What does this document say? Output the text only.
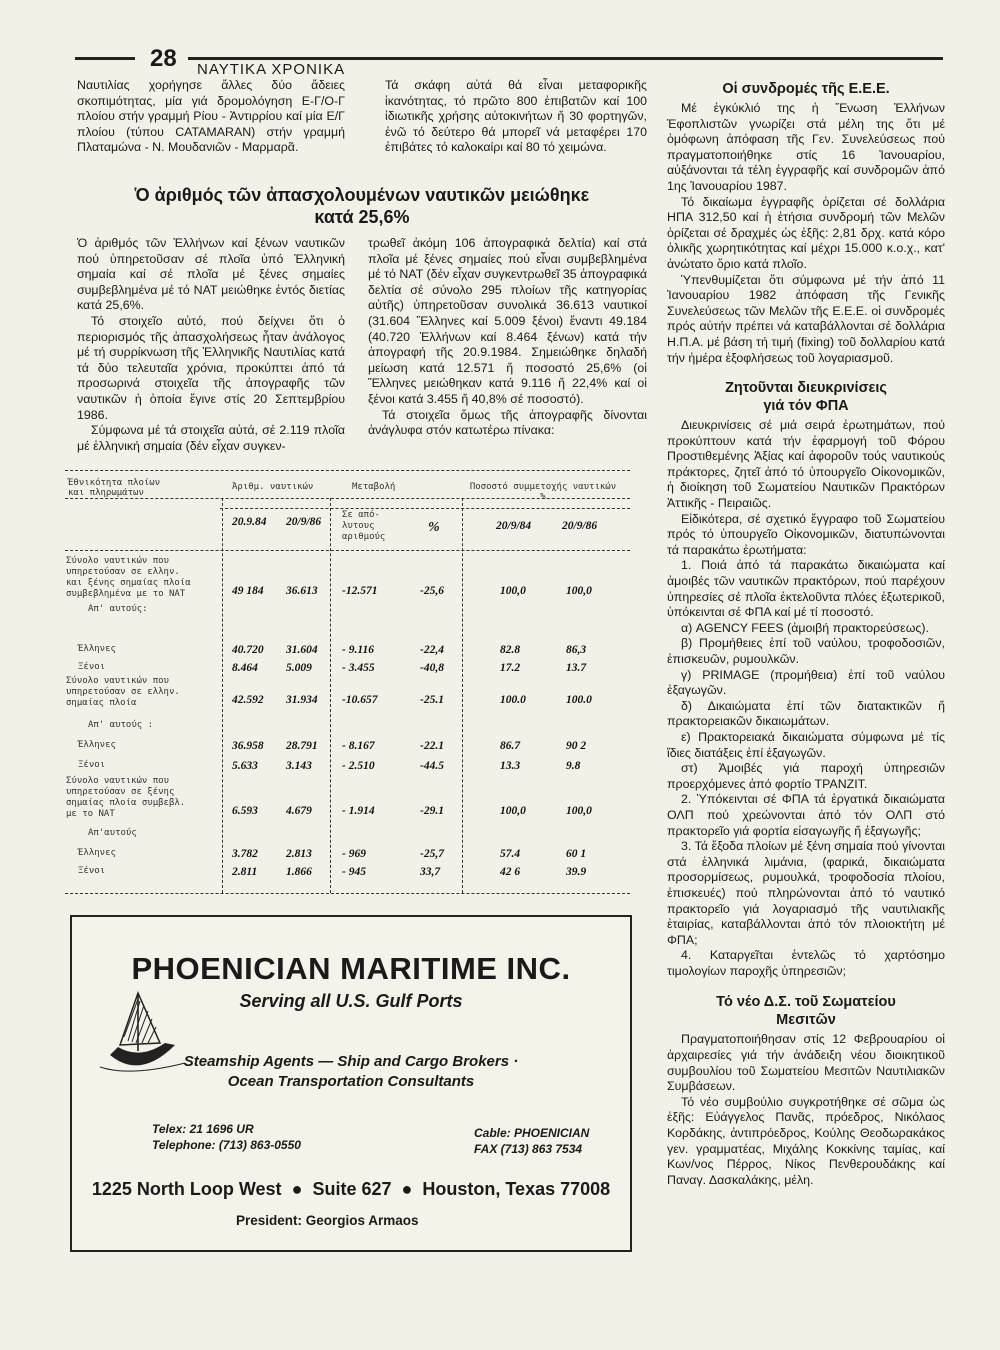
28 ΝΑΥΤΙΚΑ ΧΡΟΝΙΚΑ

Ναυτιλίας χορήγησε ἄλλες δύο ἄδειες σκοπιμότητας, μία γιά δρομολόγηση Ε-Γ/Ο-Γ πλοίου στήν γραμμή Ρίου - Ἀντιρρίου καί μία Ε/Γ πλοίου (τύπου CATAMARAN) στήν γραμμή Πλαταμώνα - Ν. Μουδανιῶν - Μαρμαρᾶ.

Τά σκάφη αὐτά θά εἶναι μεταφορικῆς ἱκανότητας, τό πρῶτο 800 ἐπιβατῶν καί 100 ἰδιωτικῆς χρήσης αὐτοκινήτων ἤ 30 φορτηγῶν, ἐνῶ τό δεύτερο θά μπορεῖ νά μεταφέρει 170 ἐπιβάτες τό καλοκαίρι καί 80 τό χειμώνα.

Ὁ ἀριθμός τῶν ἀπασχολουμένων ναυτικῶν μειώθηκε
κατά 25,6%

Ὁ ἀριθμός τῶν Ἑλλήνων καί ξένων ναυτικῶν πού ὑπηρετοῦσαν σέ πλοῖα ὑπό Ἑλληνική σημαία καί σέ πλοῖα μέ ξένες σημαίες συμβεβλημένα μέ τό ΝΑΤ μειώθηκε ἐντός διετίας κατά 25,6%.

Τό στοιχεῖο αὐτό, πού δείχνει ὅτι ὁ περιορισμός τῆς ἀπασχολήσεως ἦταν ἀνάλογος μέ τή συρρίκνωση τῆς Ἑλληνικῆς Ναυτιλίας κατά τά δύο τελευταῖα χρόνια, προκύπτει ἀπό τά προσωρινά στοιχεῖα τῆς ἀπογραφῆς τῶν ναυτικῶν ἡ ὁποία ἔγινε στίς 20 Σεπτεμβρίου 1986.

Σύμφωνα μέ τά στοιχεῖα αὐτά, σέ 2.119 πλοῖα μέ ἑλληνική σημαία (δέν εἶχαν συγκεν-

τρωθεῖ ἀκόμη 106 ἀπογραφικά δελτία) καί στά πλοῖα μέ ξένες σημαίες πού εἶναι συμβεβλημένα μέ τό ΝΑΤ (δέν εἶχαν συγκεντρωθεῖ 35 ἀπογραφικά δελτία σέ σύνολο 295 πλοίων τῆς κατηγορίας αὐτῆς) ὑπηρετοῦσαν συνολικά 36.613 ναυτικοί (31.604 Ἕλληνες καί 5.009 ξένοι) ἔναντι 49.184 (40.720 Ἑλλήνων καί 8.464 ξένων) κατά τήν ἀπογραφή τῆς 20.9.1984. Σημειώθηκε δηλαδή μείωση κατά 12.571 ἤ ποσοστό 25,6% (οἱ Ἕλληνες μειώθηκαν κατά 9.116 ἤ 22,4% καί οἱ ξένοι κατά 3.455 ἤ 40,8% σέ ποσοστό).

Τά στοιχεῖα ὅμως τῆς ἀπογραφῆς δίνονται ἀνάγλυφα στόν κατωτέρω πίνακα:

Ἐθνικότητα πλοίων
και πληρωμάτων
Ἀριθμ. ναυτικών	Μεταβολή	Ποσοστό συμμετοχής ναυτικών %
20.9.84 20/9/86
Σε από-
λυτους
αριθμούς
%	20/9/84	20/9/86
Σύνολο ναυτικών που
υπηρετούσαν σε ελλην.
και ξένης σημαίας πλοία
συμβεβλημένα με το ΝΑΤ	49 184 36.613 -12.571	-25,6	100,0	100,0
Απ' αυτούς:
Έλληνες	40.720 31.604 - 9.116	-22,4	82.8	86,3
Ξένοι	8.464 5.009	- 3.455	-40,8	17.2	13.7
Σύνολο ναυτικών που
υπηρετούσαν σε ελλην.
σημαίας πλοία	42.592 31.934 -10.657	-25.1	100.0	100.0
Απ' αυτούς :
Έλληνες	36.958 28.791 - 8.167	-22.1	86.7	90 2
Ξένοι	5.633 3.143	- 2.510	-44.5	13.3	9.8
Σύνολο ναυτικών που
υπηρετούσαν σε ξένης
σημαίας πλοία συμβεβλ.
με το ΝΑΤ	6.593 4.679	- 1.914	-29.1	100,0	100,0
Απ'αυτούς
Έλληνες	3.782 2.813	- 969	-25,7	57.4	60 1
Ξένοι	2.811	1.866	- 945	33,7	42 6	39.9
PHOENICIAN MARITIME INC.
Serving all U.S. Gulf Ports
Steamship Agents — Ship and Cargo Brokers ·
Ocean Transportation Consultants
Telex: 21 1696 UR
Telephone: (713) 863-0550
Cable: PHOENICIAN
FAX (713) 863 7534
1225 North Loop West  ●  Suite 627  ●  Houston, Texas 77008
President: Georgios Armaos
Οἱ συνδρομές τῆς Ε.Ε.Ε.

Μέ ἐγκύκλιό της ἡ Ἕνωση Ἑλλήνων Ἐφοπλιστῶν γνωρίζει στά μέλη της ὅτι μέ ὁμόφωνη ἀπόφαση τῆς Γεν. Συνελεύσεως πού πραγματοποιήθηκε στίς 16 Ἰανουαρίου, αὐξάνονται τά τέλη ἐγγραφῆς καί συνδρομῶν ἀπό 1ης Ἰανουαρίου 1987.

Τό δικαίωμα ἐγγραφῆς ὁρίζεται σέ δολλάρια ΗΠΑ 312,50 καί ἡ ἐτήσια συνδρομή τῶν Μελῶν ὁρίζεται σέ δραχμές ὡς ἑξῆς: 2,81 δρχ. κατά κόρο ὁλικῆς χωρητικότητας καί μέχρι 15.000 κ.ο.χ., κατ' ἀνώτατο ὅριο κατά πλοῖο.

Ὑπενθυμίζεται ὅτι σύμφωνα μέ τήν ἀπό 11 Ἰανουαρίου 1982 ἀπόφαση τῆς Γενικῆς Συνελεύσεως τῶν Μελῶν τῆς Ε.Ε.Ε. οἱ συνδρομές πρός αὐτήν πρέπει νά καταβάλλονται σέ δολλάρια Η.Π.Α. μέ βάση τή τιμή (fixing) τοῦ δολλαρίου κατά τήν ἡμέρα ἐξοφλήσεως τοῦ λογαριασμοῦ.

Ζητοῦνται διευκρινίσεις
γιά τόν ΦΠΑ

Διευκρινίσεις σέ μιά σειρά ἐρωτημάτων, πού προκύπτουν κατά τήν ἐφαρμογή τοῦ Φόρου Προστιθεμένης Ἀξίας καί ἀφοροῦν τούς ναυτικούς πράκτορες, ζητεῖ ἀπό τό ὑπουργεῖο Οἰκονομικῶν, ἡ διοίκηση τοῦ Σωματείου Ναυτικῶν Πρακτόρων Ἀττικῆς - Πειραιῶς.

Εἰδικότερα, σέ σχετικό ἔγγραφο τοῦ Σωματείου πρός τό ὑπουργεῖο Οἰκονομικῶν, διατυπώνονται τά παρακάτω ἐρωτήματα:

1. Ποιά ἀπό τά παρακάτω δικαιώματα καί ἀμοιβές τῶν ναυτικῶν πρακτόρων, πού παρέχουν ὑπηρεσίες σέ πλοῖα ἐκτελοῦντα πλόες ἐξωτερικοῦ, ὑπόκεινται σέ ΦΠΑ καί μέ τί ποσοστό.

α) AGENCY FEES (ἀμοιβή πρακτορεύσεως).

β) Προμήθειες ἐπί τοῦ ναύλου, τροφοδοσιῶν, ἐπισκευῶν, ρυμουλκῶν.

γ) PRIMAGE (προμήθεια) ἐπί τοῦ ναύλου ἐξαγωγῶν.

δ) Δικαιώματα ἐπί τῶν διατακτικῶν ἤ πρακτορειακῶν δικαιωμάτων.

ε) Πρακτορειακά δικαιώματα σύμφωνα μέ τίς ἴδιες διατάξεις ἐπί ἐξαγωγῶν.

στ) Ἀμοιβές γιά παροχή ὑπηρεσιῶν προερχόμενες ἀπό φορτίο ΤΡΑΝΖΙΤ.

2. Ὑπόκεινται σέ ΦΠΑ τά ἐργατικά δικαιώματα ΟΛΠ πού χρεώνονται ἀπό τόν ΟΛΠ στό πρακτορεῖο γιά φορτία εἰσαγωγῆς ἤ ἐξαγωγῆς;

3. Τά ἔξοδα πλοίων μέ ξένη σημαία πού γίνονται στά ἑλληνικά λιμάνια, (φαρικά, δικαιώματα προσορμίσεως, ρυμουλκά, τροφοδοσία πλοίου, ἐπισκευές) πού πληρώνονται ἀπό τό ναυτικό πρακτορεῖο γιά λογαριασμό τῆς ναυτιλιακῆς ἑταιρίας, καταβάλλονται ἀπό τόν πλοιοκτήτη μέ ΦΠΑ;

4. Καταργεῖται ἐντελῶς τό χαρτόσημο τιμολογίων παροχῆς ὑπηρεσιῶν;

Τό νέο Δ.Σ. τοῦ Σωματείου
Μεσιτῶν

Πραγματοποιήθησαν στίς 12 Φεβρουαρίου οἱ ἀρχαιρεσίες γιά τήν ἀνάδειξη νέου διοικητικοῦ συμβουλίου τοῦ Σωματείου Μεσιτῶν Ναυτιλιακῶν Συμβάσεων.

Τό νέο συμβούλιο συγκροτήθηκε σέ σῶμα ὡς ἑξῆς: Εὐάγγελος Πανᾶς, πρόεδρος, Νικόλαος Κορδάκης, ἀντιπρόεδρος, Κούλης Θεοδωρακάκος γεν. γραμματέας, Μιχάλης Κοκκίνης ταμίας, καί Κων/νος Πέρρος, Νίκος Πενθερουδάκης καί Παναγ. Δασκαλάκης, μέλη.
